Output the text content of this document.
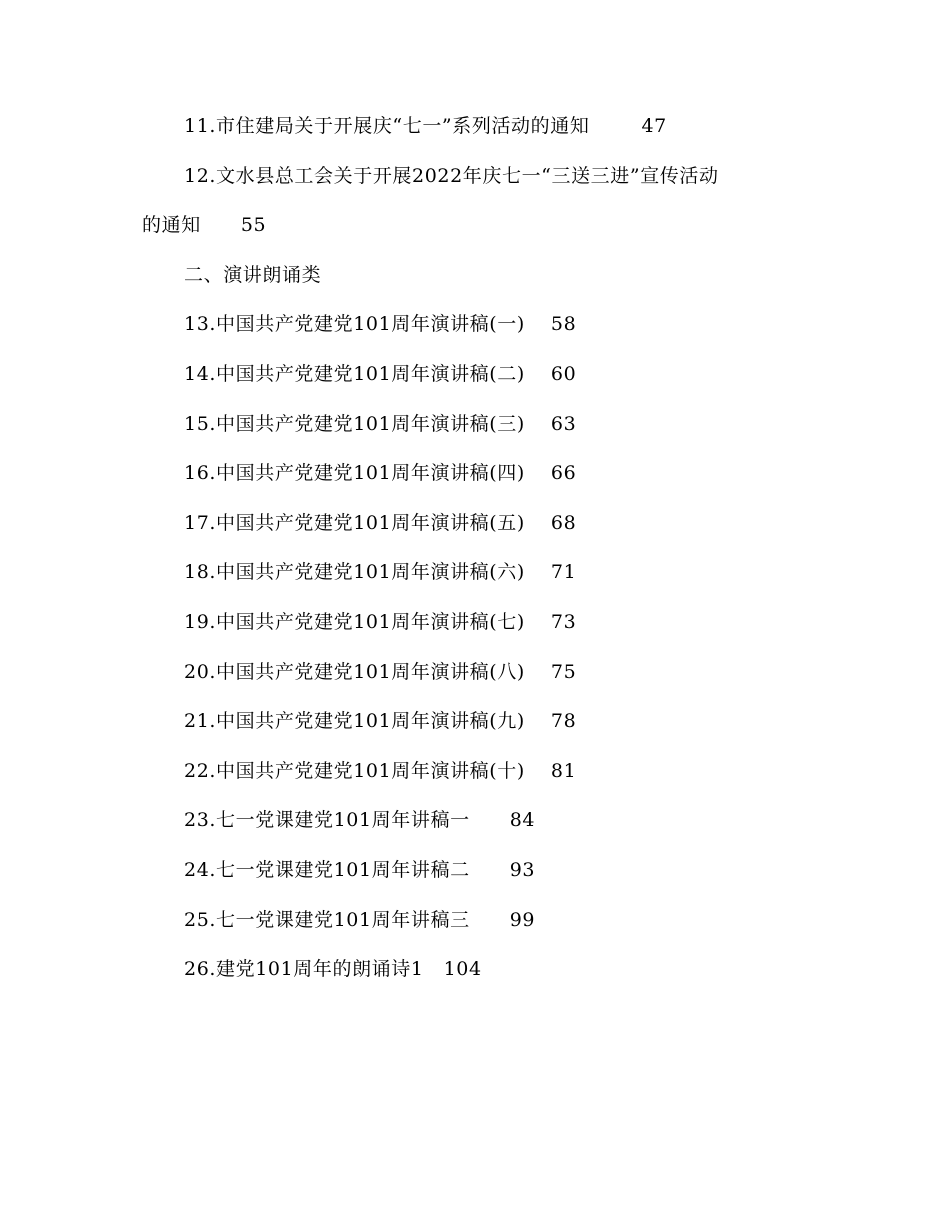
11.市住建局关于开展庆“七一”系列活动的通知	47
12.文水县总工会关于开展2022年庆七一“三送三进”宣传活动
的通知 55
二、演讲朗诵类
13.中国共产党建党101周年演讲稿(一) 58
14.中国共产党建党101周年演讲稿(二) 60
15.中国共产党建党101周年演讲稿(三) 63
16.中国共产党建党101周年演讲稿(四) 66
17.中国共产党建党101周年演讲稿(五) 68
18.中国共产党建党101周年演讲稿(六) 71
19.中国共产党建党101周年演讲稿(七) 73
20.中国共产党建党101周年演讲稿(八) 75
21.中国共产党建党101周年演讲稿(九) 78
22.中国共产党建党101周年演讲稿(十) 81
23.七一党课建党101周年讲稿一 84
24.七一党课建党101周年讲稿二 93
25.七一党课建党101周年讲稿三 99
26.建党101周年的朗诵诗1 104
